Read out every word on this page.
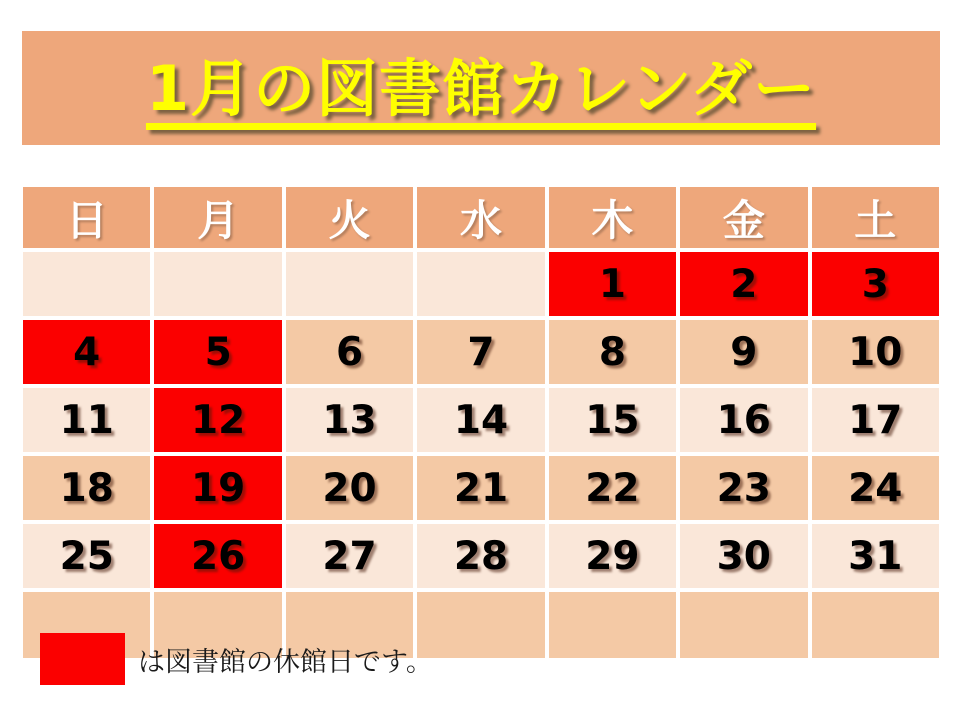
1月の図書館カレンダー
日	月	火	水	木	金	土
				1	2	3
4	5	6	7	8	9	10
11	12	13	14	15	16	17
18	19	20	21	22	23	24
25	26	27	28	29	30	31

は図書館の休館日です。
